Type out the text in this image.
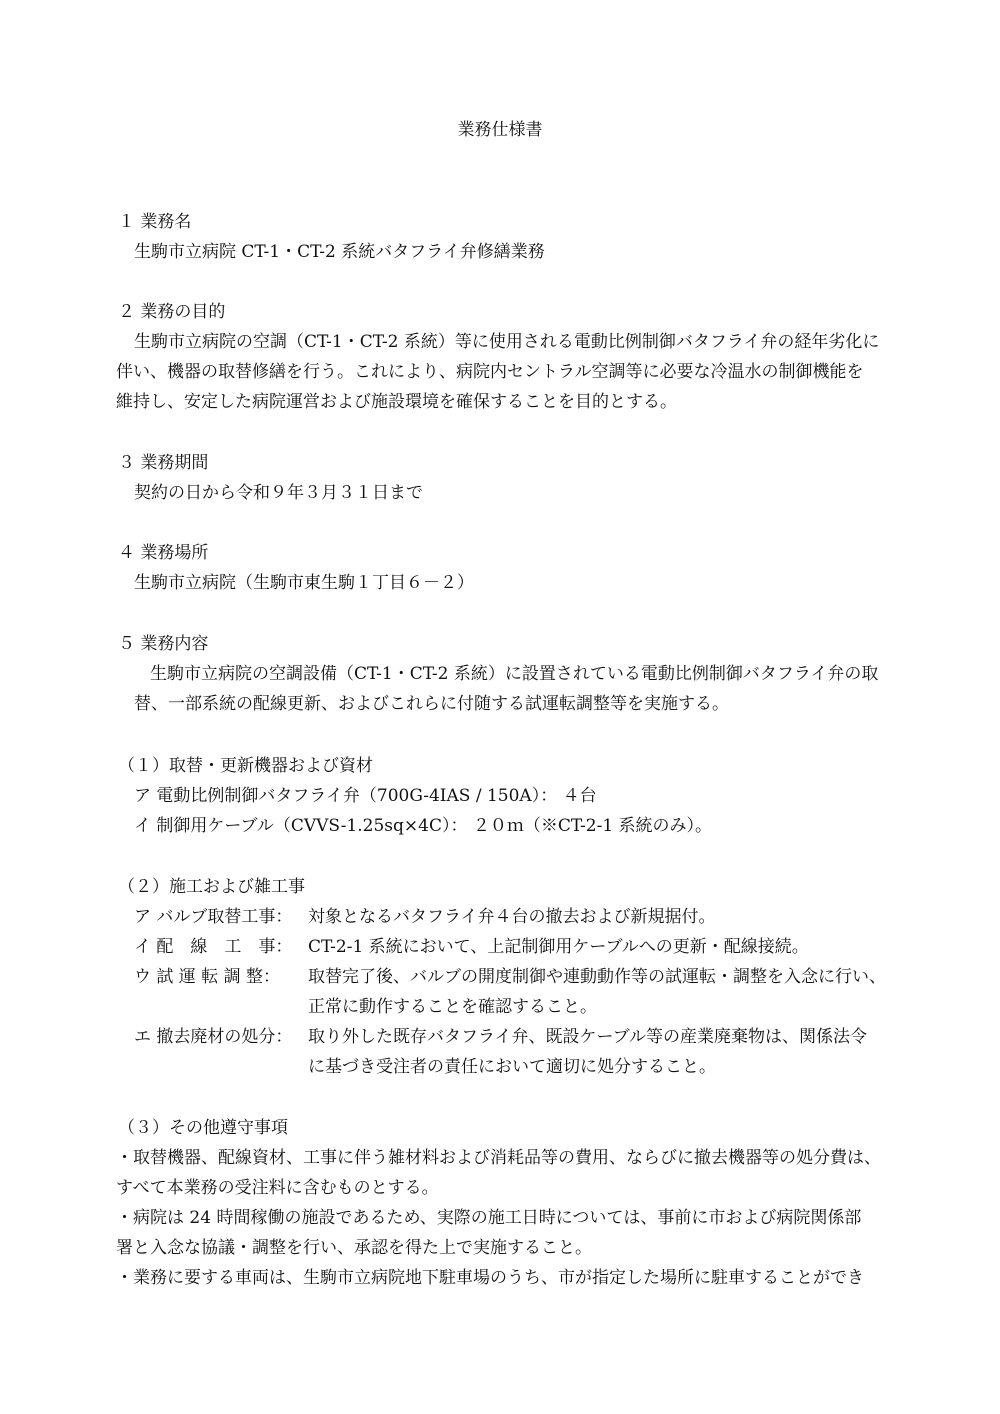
業務仕様書
１ 業務名
生駒市立病院 CT-1・CT-2 系統バタフライ弁修繕業務
２ 業務の目的
生駒市立病院の空調（CT-1・CT-2 系統）等に使用される電動比例制御バタフライ弁の経年劣化に
伴い、機器の取替修繕を行う。これにより、病院内セントラル空調等に必要な冷温水の制御機能を
維持し、安定した病院運営および施設環境を確保することを目的とする。
３ 業務期間
契約の日から令和９年３月３１日まで
４ 業務場所
生駒市立病院（生駒市東生駒１丁目６－２）
５ 業務内容
生駒市立病院の空調設備（CT-1・CT-2 系統）に設置されている電動比例制御バタフライ弁の取
替、一部系統の配線更新、およびこれらに付随する試運転調整等を実施する。
（１）取替・更新機器および資材
ア 電動比例制御バタフライ弁（700G-4IAS / 150A）： ４台
イ 制御用ケーブル（CVVS-1.25sq×4C）： ２０ｍ（※CT-2-1 系統のみ）。
（２）施工および雑工事
ア バルブ取替工事： 対象となるバタフライ弁４台の撤去および新規据付。
イ 配　線　工　事： CT-2-1 系統において、上記制御用ケーブルへの更新・配線接続。
ウ 試 運 転 調 整： 取替完了後、バルブの開度制御や連動動作等の試運転・調整を入念に行い、
正常に動作することを確認すること。
エ 撤去廃材の処分： 取り外した既存バタフライ弁、既設ケーブル等の産業廃棄物は、関係法令
に基づき受注者の責任において適切に処分すること。
（３）その他遵守事項
・取替機器、配線資材、工事に伴う雑材料および消耗品等の費用、ならびに撤去機器等の処分費は、
すべて本業務の受注料に含むものとする。
・病院は 24 時間稼働の施設であるため、実際の施工日時については、事前に市および病院関係部
署と入念な協議・調整を行い、承認を得た上で実施すること。
・業務に要する車両は、生駒市立病院地下駐車場のうち、市が指定した場所に駐車することができ
